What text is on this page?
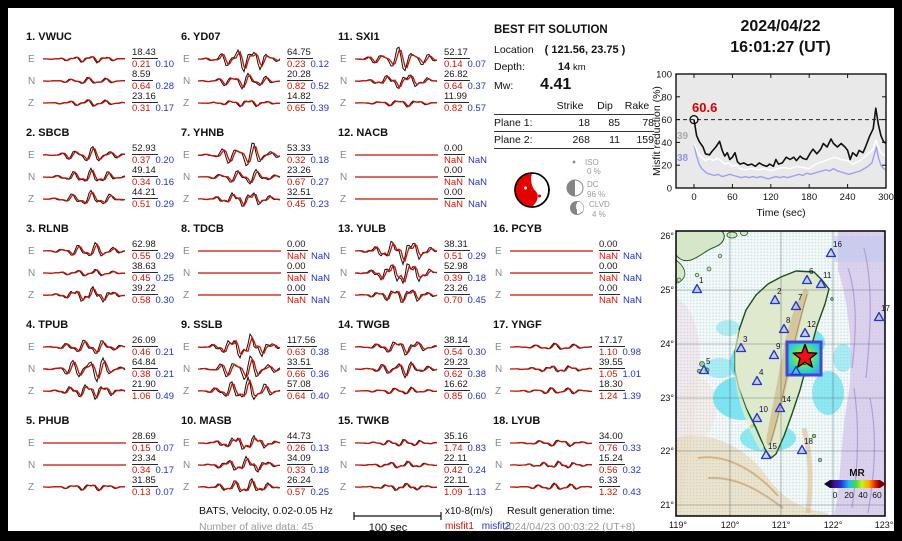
1. VWUC
E
18.43
0.21 0.10
N
8.59
0.64 0.28
Z
23.16
0.31 0.17
2. SBCB
E
52.93
0.37 0.20
N
49.14
0.34 0.16
Z
44.21
0.51 0.29
3. RLNB
E
62.98
0.55 0.29
N
38.63
0.45 0.25
Z
39.22
0.58 0.30
4. TPUB
E
26.09
0.46 0.21
N
64.84
0.38 0.21
Z
21.90
1.06 0.49
5. PHUB
E
28.69
0.15 0.07
N
23.34
0.34 0.17
Z
31.85
0.13 0.07
6. YD07
E
64.75
0.23 0.12
N
20.28
0.82 0.52
Z
14.82
0.65 0.39
7. YHNB
E
53.33
0.32 0.18
N
23.26
0.67 0.27
Z
32.51
0.45 0.23
8. TDCB
E
0.00
NaN NaN
N
0.00
NaN NaN
Z
0.00
NaN NaN
9. SSLB
E
117.56
0.63 0.38
N
33.51
0.66 0.36
Z
57.08
0.64 0.40
10. MASB
E
44.73
0.26 0.13
N
34.09
0.33 0.18
Z
26.24
0.57 0.25
11. SXI1
E
52.17
0.14 0.07
N
26.82
0.64 0.37
Z
11.99
0.82 0.57
12. NACB
E
0.00
NaN NaN
N
0.00
NaN NaN
Z
0.00
NaN NaN
13. YULB
E
38.31
0.51 0.29
N
52.98
0.39 0.18
Z
23.26
0.70 0.45
14. TWGB
E
38.14
0.54 0.30
N
29.23
0.62 0.38
Z
16.62
0.85 0.60
15. TWKB
E
35.16
1.74 0.83
N
22.11
0.42 0.24
Z
22.11
1.09 1.13
16. PCYB
E
0.00
NaN NaN
N
0.00
NaN NaN
Z
0.00
NaN NaN
17. YNGF
E
17.17
1.10 0.98
N
39.55
1.05 1.01
Z
18.30
1.24 1.39
18. LYUB
E
34.00
0.76 0.33
N
15.24
0.56 0.32
Z
6.33
1.32 0.43
BEST FIT SOLUTION
Location ( 121.56, 23.75 )
Depth:	14 km
Mw: 4.41
Strike	Dip	Rake
Plane 1:	18	85	78
Plane 2:	268	11	159
ISO
0 %
DC
96 %
CLVD
4 %
2024/04/22
16:01:27 (UT)
0
20
40
60
80
100
0	60	120 180 240 300
60.6
39
38
Time (sec)
Misfit reduction (%)
1
2
3
4
5
6
7
8
9
10
11
12
14
15
16
17
18
MR
0 20 40 60
26°
25°
24°
23°
22°
21°
119°	120°	121°	122°	123°
BATS, Velocity, 0.02-0.05 Hz
Number of alive data: 45	100 sec
x10-8(m/s)
misfit1 misfit2
Result generation time:
2024/04/23 00:03:22 (UT+8)
